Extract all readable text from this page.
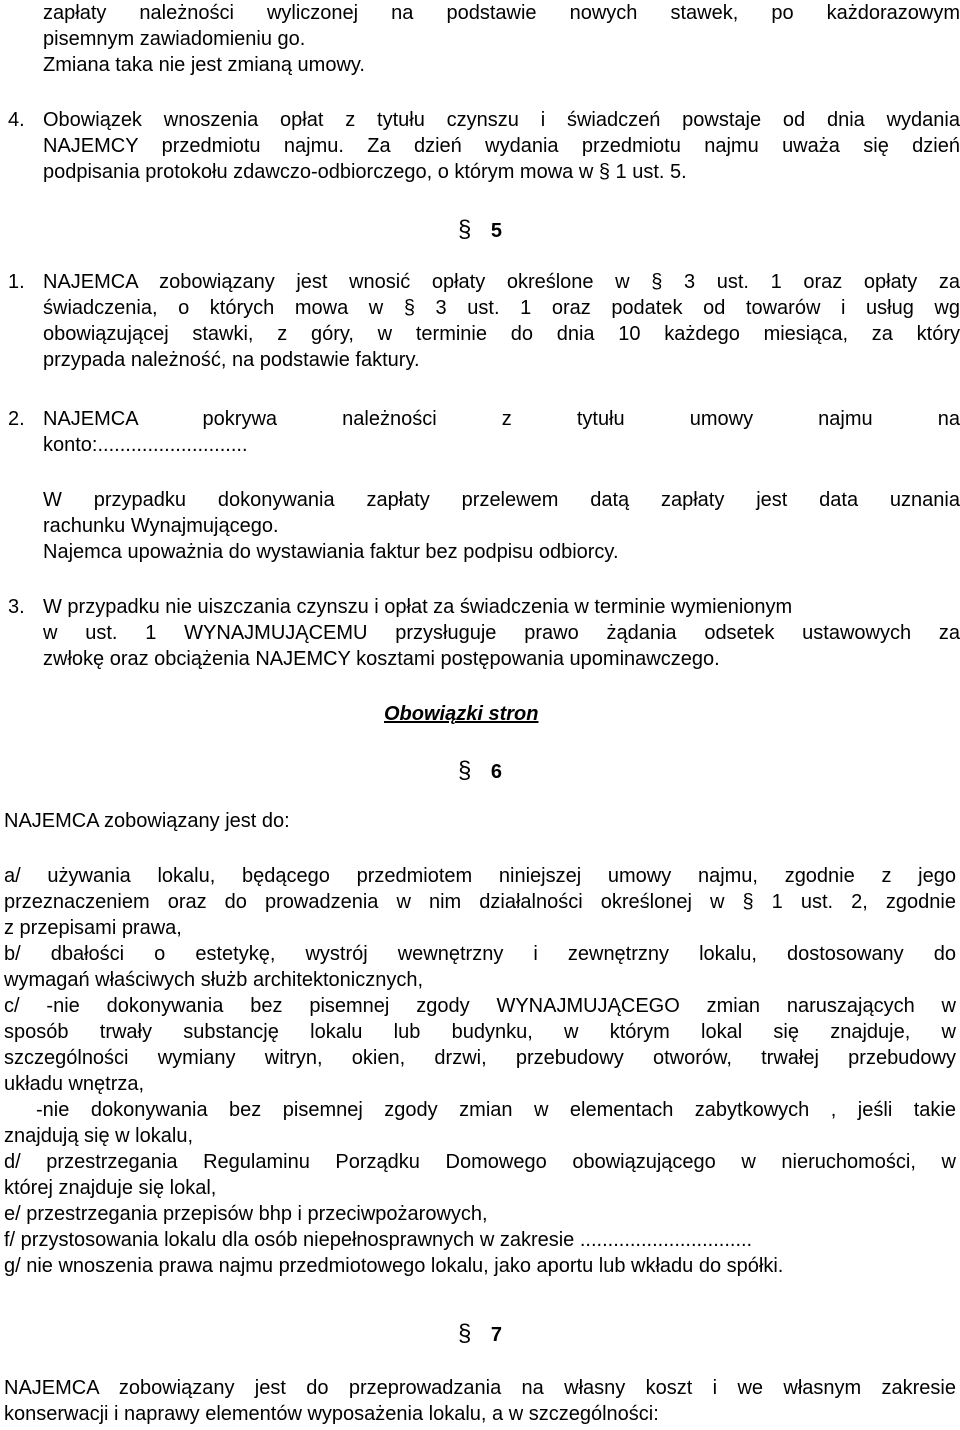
zapłaty należności wyliczonej na podstawie nowych stawek, po każdorazowym
pisemnym zawiadomieniu go.
Zmiana taka nie jest zmianą umowy.
4. Obowiązek wnoszenia opłat z tytułu czynszu i świadczeń powstaje od dnia wydania
NAJEMCY przedmiotu najmu. Za dzień wydania przedmiotu najmu uważa się dzień
podpisania protokołu zdawczo-odbiorczego, o którym mowa w § 1 ust. 5.
§ 5
1. NAJEMCA zobowiązany jest wnosić opłaty określone w § 3 ust. 1 oraz opłaty za
świadczenia, o których mowa w § 3 ust. 1 oraz podatek od towarów i usług wg
obowiązującej stawki, z góry, w terminie do dnia 10 każdego miesiąca, za który
przypada należność, na podstawie faktury.
2. NAJEMCA pokrywa należności z tytułu umowy najmu na
konto:...........................
W przypadku dokonywania zapłaty przelewem datą zapłaty jest data uznania
rachunku Wynajmującego.
Najemca upoważnia do wystawiania faktur bez podpisu odbiorcy.
3. W przypadku nie uiszczania czynszu i opłat za świadczenia w terminie wymienionym
w ust. 1 WYNAJMUJĄCEMU przysługuje prawo żądania odsetek ustawowych za
zwłokę oraz obciążenia NAJEMCY kosztami postępowania upominawczego.
Obowiązki stron
§ 6
NAJEMCA zobowiązany jest do:
a/ używania lokalu, będącego przedmiotem niniejszej umowy najmu, zgodnie z jego
przeznaczeniem oraz do prowadzenia w nim działalności określonej w § 1 ust. 2, zgodnie
z przepisami prawa,
b/ dbałości o estetykę, wystrój wewnętrzny i zewnętrzny lokalu, dostosowany do
wymagań właściwych służb architektonicznych,
c/ -nie dokonywania bez pisemnej zgody WYNAJMUJĄCEGO zmian naruszających w
sposób trwały substancję lokalu lub budynku, w którym lokal się znajduje, w
szczególności wymiany witryn, okien, drzwi, przebudowy otworów, trwałej przebudowy
układu wnętrza,
-nie dokonywania bez pisemnej zgody zmian w elementach zabytkowych , jeśli takie
znajdują się w lokalu,
d/ przestrzegania Regulaminu Porządku Domowego obowiązującego w nieruchomości, w
której znajduje się lokal,
e/ przestrzegania przepisów bhp i przeciwpożarowych,
f/ przystosowania lokalu dla osób niepełnosprawnych w zakresie ...............................
g/ nie wnoszenia prawa najmu przedmiotowego lokalu, jako aportu lub wkładu do spółki.
§ 7
NAJEMCA zobowiązany jest do przeprowadzania na własny koszt i we własnym zakresie
konserwacji i naprawy elementów wyposażenia lokalu, a w szczególności:
